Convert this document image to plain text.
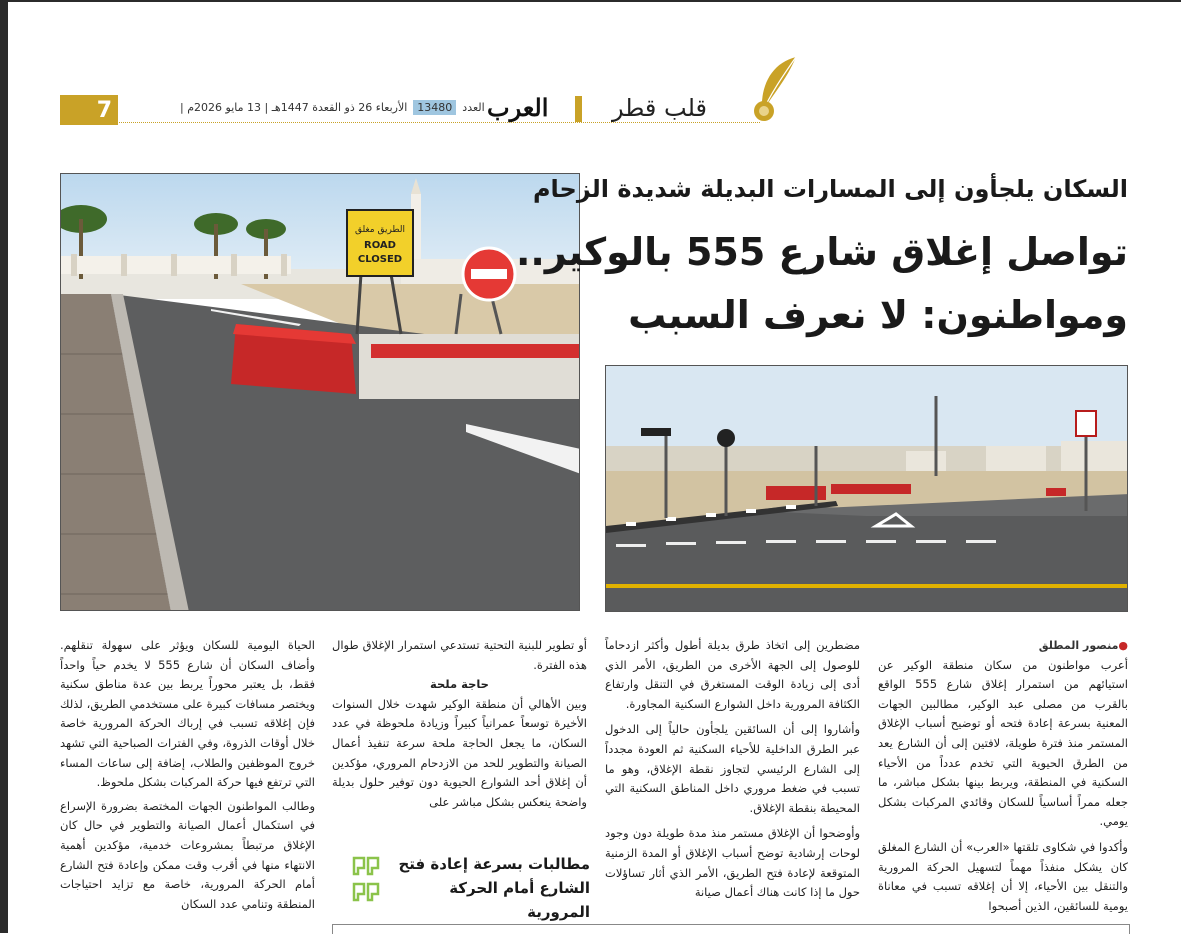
7	العدد
13480
الأربعاء 26 ذو القعدة 1447هـ | 13 مايو 2026م |	العرب	قلب قطر
الطريق مغلق
ROAD
CLOSED
السكان يلجأون إلى المسارات البديلة شديدة الزحام
تواصل إغلاق شارع 555 بالوكير..
ومواطنون: لا نعرف السبب

●منصور المطلق

أعرب مواطنون من سكان منطقة الوكير عن استيائهم من استمرار إغلاق شارع 555 الواقع بالقرب من مصلى عبد الوكير، مطالبين الجهات المعنية بسرعة إعادة فتحه أو توضيح أسباب الإغلاق المستمر منذ فترة طويلة، لافتين إلى أن الشارع يعد من الطرق الحيوية التي تخدم عدداً من الأحياء السكنية في المنطقة، ويربط بينها بشكل مباشر، ما جعله ممراً أساسياً للسكان وقائدي المركبات بشكل يومي.

وأكدوا في شكاوى تلقتها «العرب» أن الشارع المغلق كان يشكل منفذاً مهماً لتسهيل الحركة المرورية والتنقل بين الأحياء، إلا أن إغلاقه تسبب في معاناة يومية للسائقين، الذين أصبحوا

مضطرين إلى اتخاذ طرق بديلة أطول وأكثر ازدحاماً للوصول إلى الجهة الأخرى من الطريق، الأمر الذي أدى إلى زيادة الوقت المستغرق في التنقل وارتفاع الكثافة المرورية داخل الشوارع السكنية المجاورة.

وأشاروا إلى أن السائقين يلجأون حالياً إلى الدخول عبر الطرق الداخلية للأحياء السكنية ثم العودة مجدداً إلى الشارع الرئيسي لتجاوز نقطة الإغلاق، وهو ما تسبب في ضغط مروري داخل المناطق السكنية التي المحيطة بنقطة الإغلاق.

وأوضحوا أن الإغلاق مستمر منذ مدة طويلة دون وجود لوحات إرشادية توضح أسباب الإغلاق أو المدة الزمنية المتوقعة لإعادة فتح الطريق، الأمر الذي أثار تساؤلات حول ما إذا كانت هناك أعمال صيانة

أو تطوير للبنية التحتية تستدعي استمرار الإغلاق طوال هذه الفترة.

حاجة ملحة

وبين الأهالي أن منطقة الوكير شهدت خلال السنوات الأخيرة توسعاً عمرانياً كبيراً وزيادة ملحوظة في عدد السكان، ما يجعل الحاجة ملحة سرعة تنفيذ أعمال الصيانة والتطوير للحد من الازدحام المروري، مؤكدين أن إغلاق أحد الشوارع الحيوية دون توفير حلول بديلة واضحة ينعكس بشكل مباشر على

الحياة اليومية للسكان ويؤثر على سهولة تنقلهم. وأضاف السكان أن شارع 555 لا يخدم حياً واحداً فقط، بل يعتبر محوراً يربط بين عدة مناطق سكنية ويختصر مسافات كبيرة على مستخدمي الطريق، لذلك فإن إغلاقه تسبب في إرباك الحركة المرورية خاصة خلال أوقات الذروة، وفي الفترات الصباحية التي تشهد خروج الموظفين والطلاب، إضافة إلى ساعات المساء التي ترتفع فيها حركة المركبات بشكل ملحوظ.

وطالب المواطنون الجهات المختصة بضرورة الإسراع في استكمال أعمال الصيانة والتطوير في حال كان الإغلاق مرتبطاً بمشروعات خدمية، مؤكدين أهمية الانتهاء منها في أقرب وقت ممكن وإعادة فتح الشارع أمام الحركة المرورية، خاصة مع تزايد احتياجات المنطقة وتنامي عدد السكان

مطالبات بسرعة إعادة فتح
الشارع أمام الحركة المرورية
